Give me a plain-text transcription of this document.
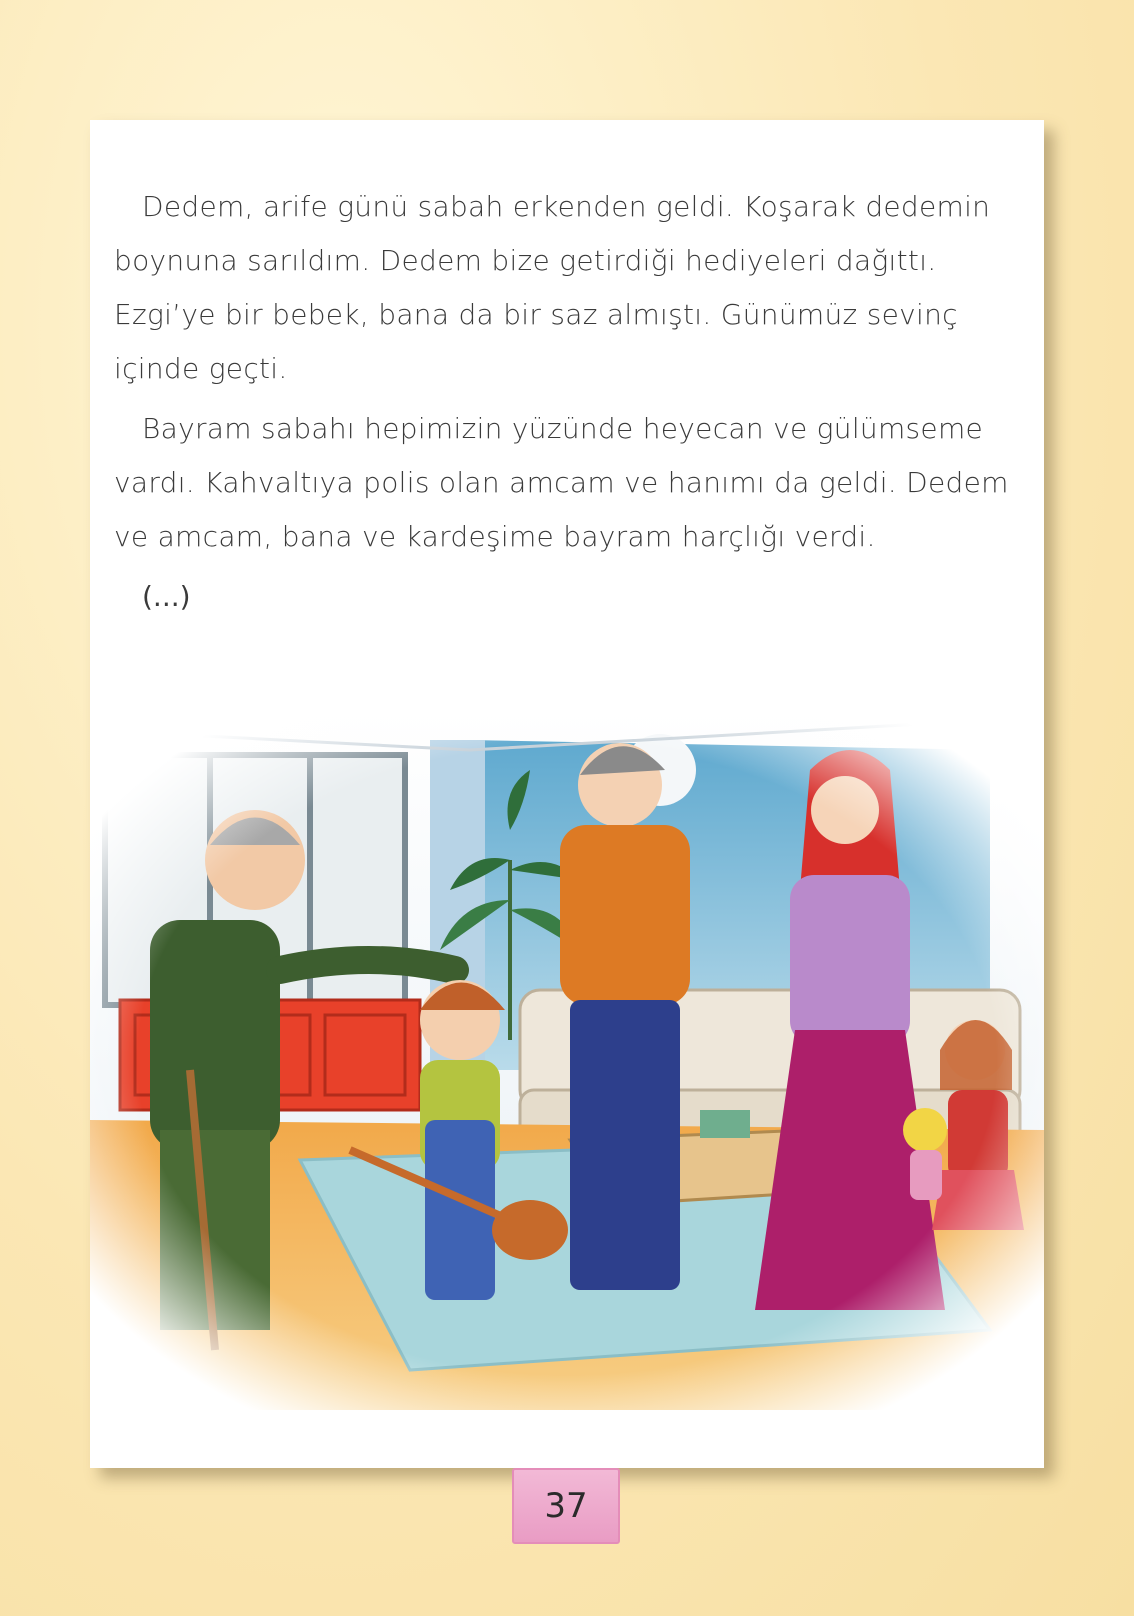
Dedem, arife günü sabah erkenden geldi. Koşarak dedemin
boynuna sarıldım. Dedem bize getirdiği hediyeleri dağıttı.
Ezgi’ye bir bebek, bana da bir saz almıştı. Günümüz sevinç
içinde geçti.

Bayram sabahı hepimizin yüzünde heyecan ve gülümseme
vardı. Kahvaltıya polis olan amcam ve hanımı da geldi. Dedem
ve amcam, bana ve kardeşime bayram harçlığı verdi.

(...)
37
